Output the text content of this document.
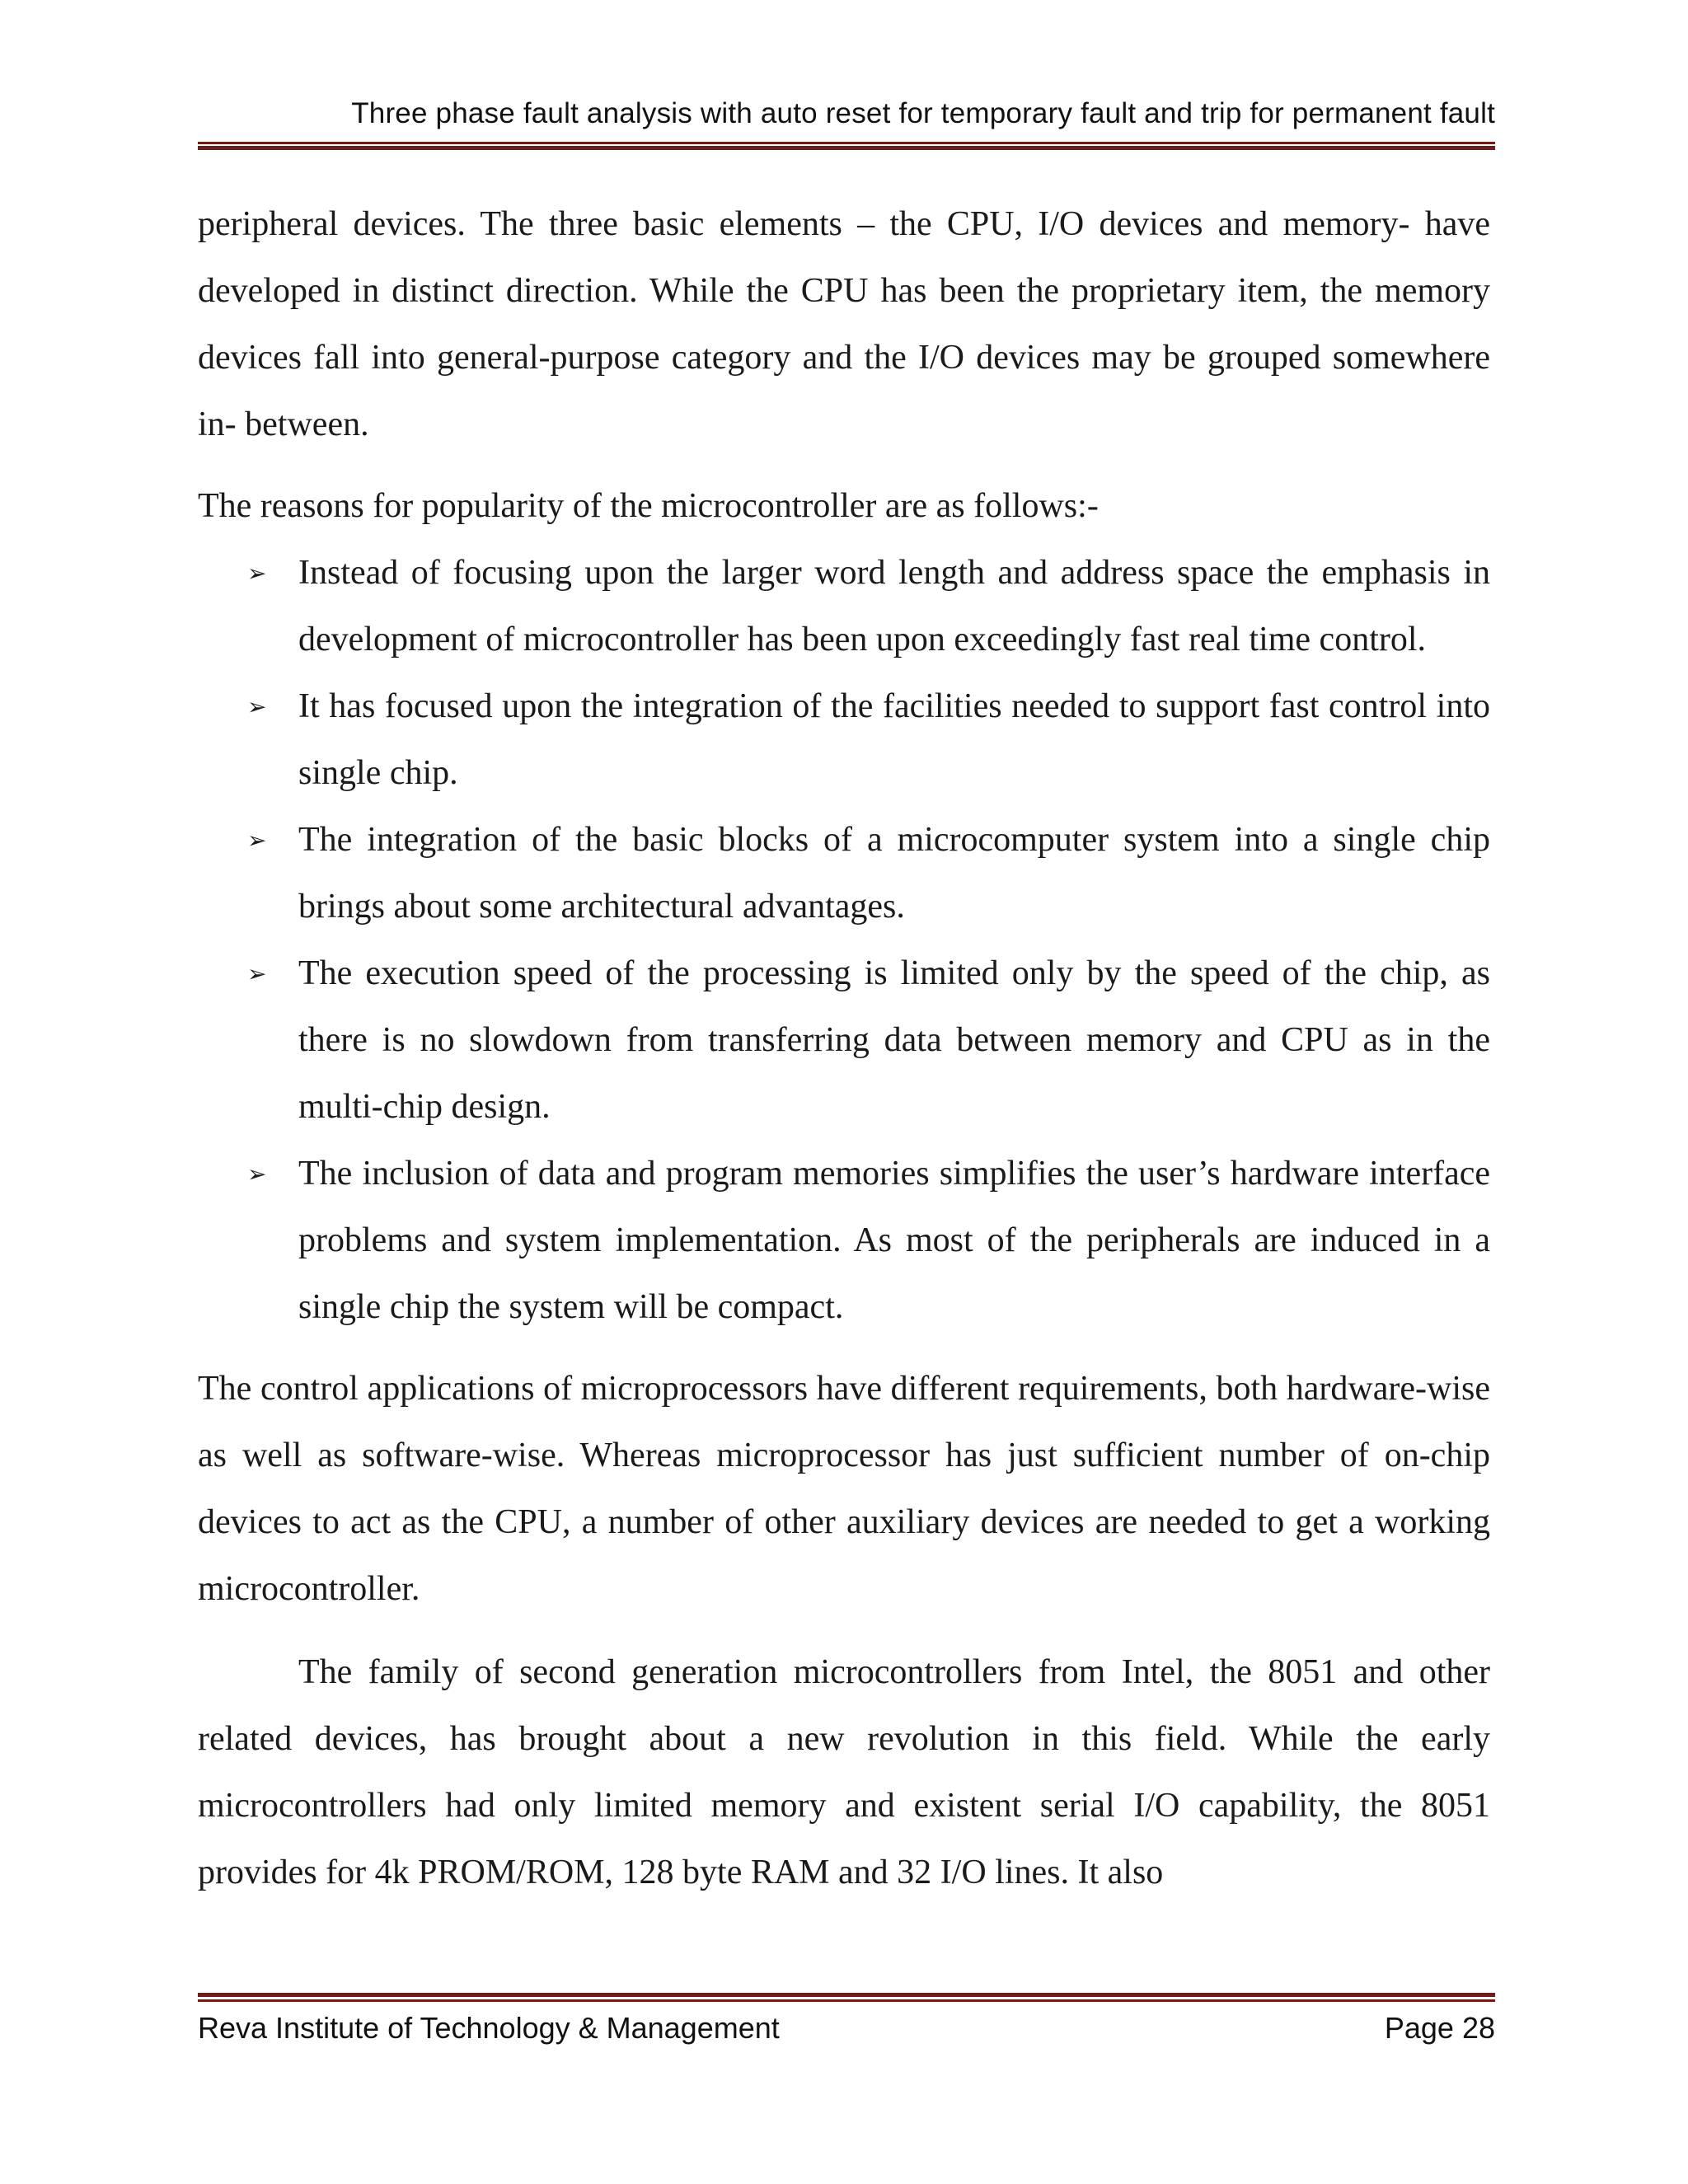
Three phase fault analysis with auto reset for temporary fault and trip for permanent fault

peripheral devices. The three basic elements – the CPU, I/O devices and memory- have developed in distinct direction. While the CPU has been the proprietary item, the memory devices fall into general-purpose category and the I/O devices may be grouped somewhere in- between.

The reasons for popularity of the microcontroller are as follows:-

➢ Instead of focusing upon the larger word length and address space the emphasis in development of microcontroller has been upon exceedingly fast real time control.
➢ It has focused upon the integration of the facilities needed to support fast control into single chip.
➢ The integration of the basic blocks of a microcomputer system into a single chip brings about some architectural advantages.
➢ The execution speed of the processing is limited only by the speed of the chip, as there is no slowdown from transferring data between memory and CPU as in the multi-chip design.
➢ The inclusion of data and program memories simplifies the user’s hardware interface problems and system implementation. As most of the peripherals are induced in a single chip the system will be compact.

The control applications of microprocessors have different requirements, both hardware-wise as well as software-wise. Whereas microprocessor has just sufficient number of on-chip devices to act as the CPU, a number of other auxiliary devices are needed to get a working microcontroller.

The family of second generation microcontrollers from Intel, the 8051 and other related devices, has brought about a new revolution in this field. While the early microcontrollers had only limited memory and existent serial I/O capability, the 8051 provides for 4k PROM/ROM, 128 byte RAM and 32 I/O lines. It also

Reva Institute of Technology & Management	Page 28
